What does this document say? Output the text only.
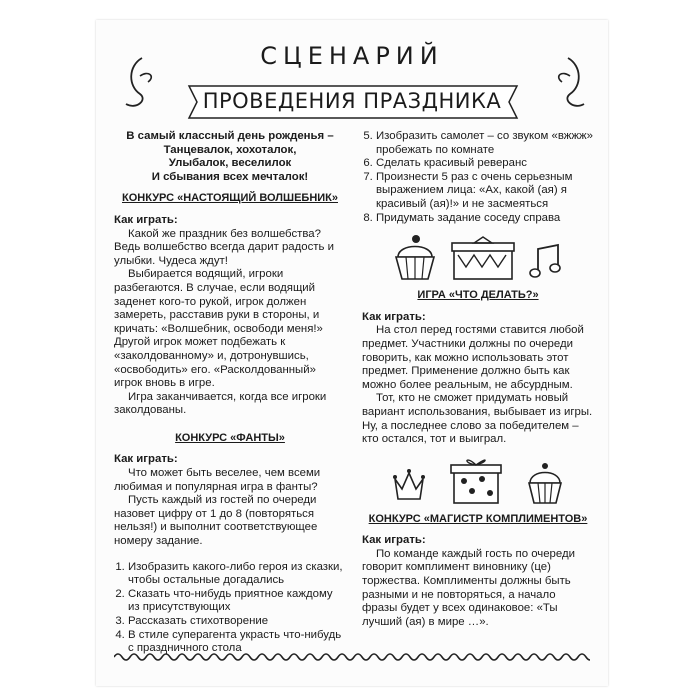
СЦЕНАРИЙ
ПРОВЕДЕНИЯ ПРАЗДНИКА

В самый классный день рожденья –

Танцевалок, хохоталок,

Улыбалок, веселилок

И сбывания всех мечталок!

КОНКУРС «НАСТОЯЩИЙ ВОЛШЕБНИК»

Как играть:

Какой же праздник без волшебства? Ведь волшебство всегда дарит радость и улыбки. Чудеса ждут!

Выбирается водящий, игроки разбегаются. В случае, если водящий заденет кого-то рукой, игрок должен замереть, расставив руки в стороны, и кричать: «Волшебник, освободи меня!» Другой игрок может подбежать к «заколдованному» и, дотронувшись, «освободить» его. «Расколдованный» игрок вновь в игре.

Игра заканчивается, когда все игроки заколдованы.

КОНКУРС «ФАНТЫ»

Как играть:

Что может быть веселее, чем всеми любимая и популярная игра в фанты?

Пусть каждый из гостей по очереди назовет цифру от 1 до 8 (повторяться нельзя!) и выполнит соответствующее номеру задание.

1. Изобразить какого-либо героя из сказки, чтобы остальные догадались
2. Сказать что-нибудь приятное каждому из присутствующих
3. Рассказать стихотворение
4. В стиле суперагента украсть что-нибудь с праздничного стола
5. Изобразить самолет – со звуком «вжжж» пробежать по комнате
6. Сделать красивый реверанс
7. Произнести 5 раз с очень серьезным выражением лица: «Ах, какой (ая) я красивый (ая)!» и не засмеяться
8. Придумать задание соседу справа

ИГРА «ЧТО ДЕЛАТЬ?»

Как играть:

На стол перед гостями ставится любой предмет. Участники должны по очереди говорить, как можно использовать этот предмет. Применение должно быть как можно более реальным, не абсурдным.

Тот, кто не сможет придумать новый вариант использования, выбывает из игры. Ну, а последнее слово за победителем – кто остался, тот и выиграл.

КОНКУРС «МАГИСТР КОМПЛИМЕНТОВ»

Как играть:

По команде каждый гость по очереди говорит комплимент виновнику (це) торжества. Комплименты должны быть разными и не повторяться, а начало фразы будет у всех одинаковое: «Ты лучший (ая) в мире …».
